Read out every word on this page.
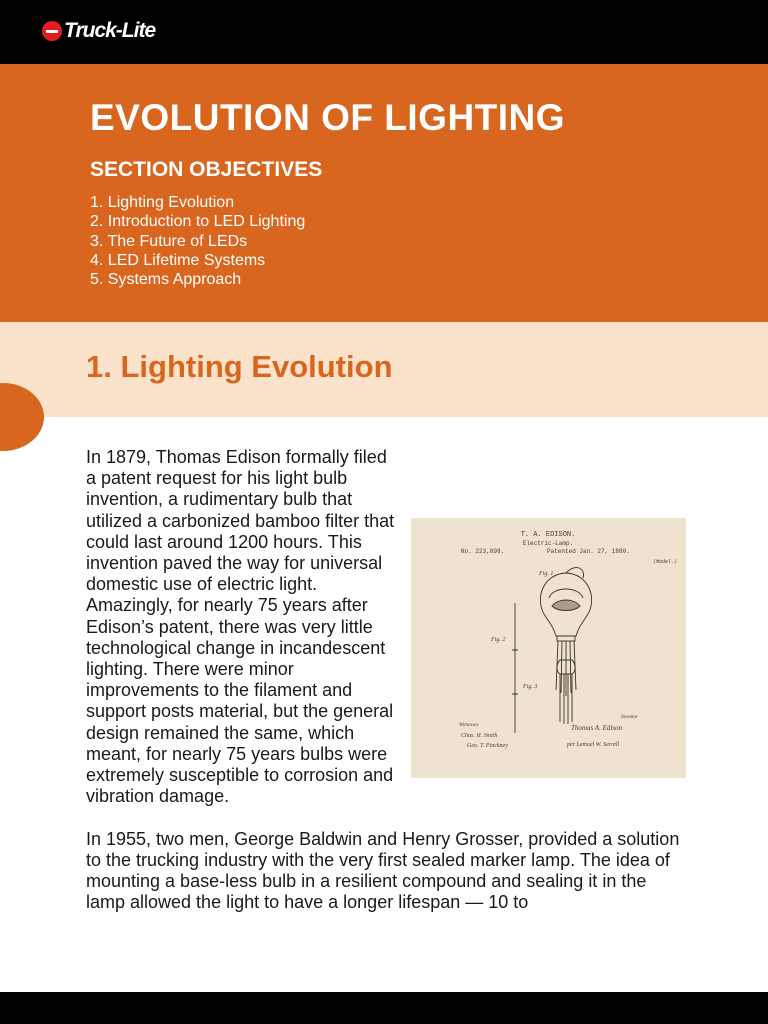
Truck-Lite
EVOLUTION OF LIGHTING
SECTION OBJECTIVES
1. Lighting Evolution
2. Introduction to LED Lighting
3. The Future of LEDs
4. LED Lifetime Systems
5. Systems Approach
1. Lighting Evolution
T. A. EDISON.
Electric-Lamp.
No. 223,898.	Patented Jan. 27, 1880.
(Model.)
Fig. 1
Fig. 2
Fig. 3
Witnesses
Chas. H. Smith
Geo. T. Pinckney
Inventor
Thomas A. Edison
per Lemuel W. Serrell
In 1879, Thomas Edison formally filed a patent request for his light bulb invention, a rudimentary bulb that utilized a carbonized bamboo filter that could last around 1200 hours. This invention paved the way for universal domestic use of electric light. Amazingly, for nearly 75 years after Edison’s patent, there was very little technological change in incandescent lighting. There were minor improvements to the filament and support posts material, but the general design remained the same, which meant, for nearly 75 years bulbs were extremely susceptible to corrosion and vibration damage.

In 1955, two men, George Baldwin and Henry Grosser, provided a solution to the trucking industry with the very first sealed marker lamp. The idea of mounting a base-less bulb in a resilient compound and sealing it in the lamp allowed the light to have a longer lifespan — 10 to
